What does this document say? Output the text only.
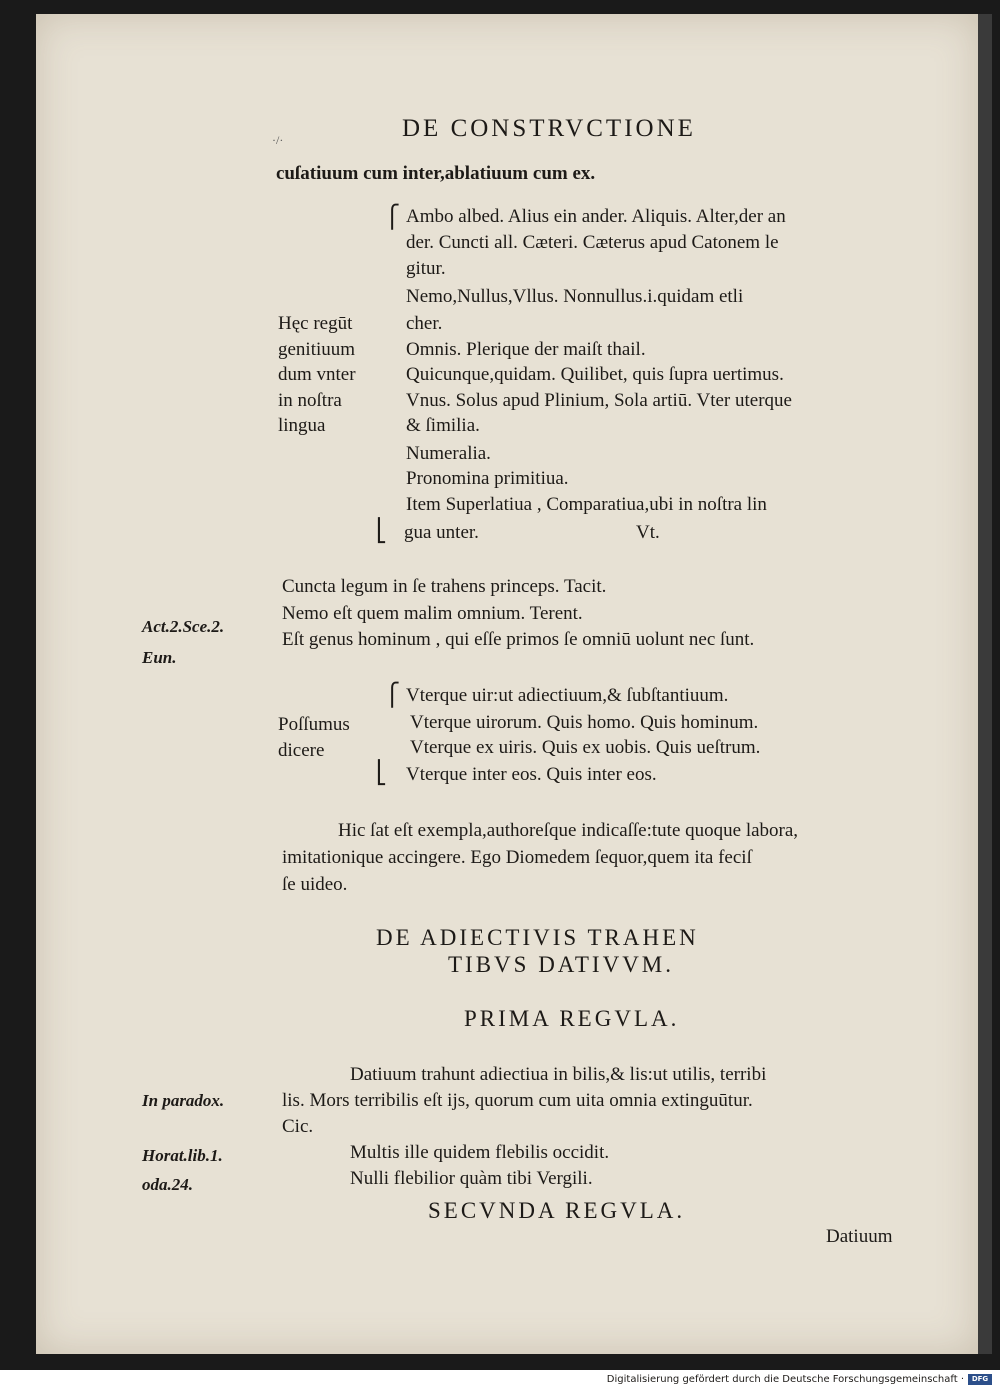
·/·	DE CONSTRVCTIONE
cuſatiuum cum inter,ablatiuum cum ex.
⎧
⎣
Ambo albed. Alius ein ander. Aliquis. Alter,der an
der. Cuncti all. Cæteri. Cæterus apud Catonem le
gitur.
Nemo,Nullus,Vllus. Nonnullus.i.quidam etli
cher.
Omnis. Plerique der maiſt thail.
Quicunque,quidam. Quilibet, quis ſupra uertimus.
Vnus. Solus apud Plinium, Sola artiū. Vter uterque
& ſimilia.
Numeralia.
Pronomina primitiua.
Item Superlatiua , Comparatiua,ubi in noſtra lin
gua unter.	Vt.
Hęc regūt
genitiuum
dum vnter
in noſtra
lingua
Cuncta legum in ſe trahens princeps. Tacit.
Nemo eſt quem malim omnium. Terent.
Eſt genus hominum , qui eſſe primos ſe omniū uolunt nec ſunt.
Act.2.Sce.2.
Eun.
⎧
⎣
Poſſumus
dicere
Vterque uir:ut adiectiuum,& ſubſtantiuum.
Vterque uirorum. Quis homo. Quis hominum.
Vterque ex uiris. Quis ex uobis. Quis ueſtrum.
Vterque inter eos. Quis inter eos.
Hic ſat eſt exempla,authoreſque indicaſſe:tute quoque labora,
imitationique accingere. Ego Diomedem ſequor,quem ita feciſ
ſe uideo.
DE ADIECTIVIS TRAHEN
TIBVS DATIVVM.
PRIMA REGVLA.
Datiuum trahunt adiectiua in bilis,& lis:ut utilis, terribi
lis. Mors terribilis eſt ijs, quorum cum uita omnia extinguūtur.
Cic.
Multis ille quidem flebilis occidit.
Nulli flebilior quàm tibi Vergili.
In paradox.
Horat.lib.1.
oda.24.
SECVNDA REGVLA.
Datiuum
Digitalisierung gefördert durch die Deutsche Forschungsgemeinschaft ·	DFG
